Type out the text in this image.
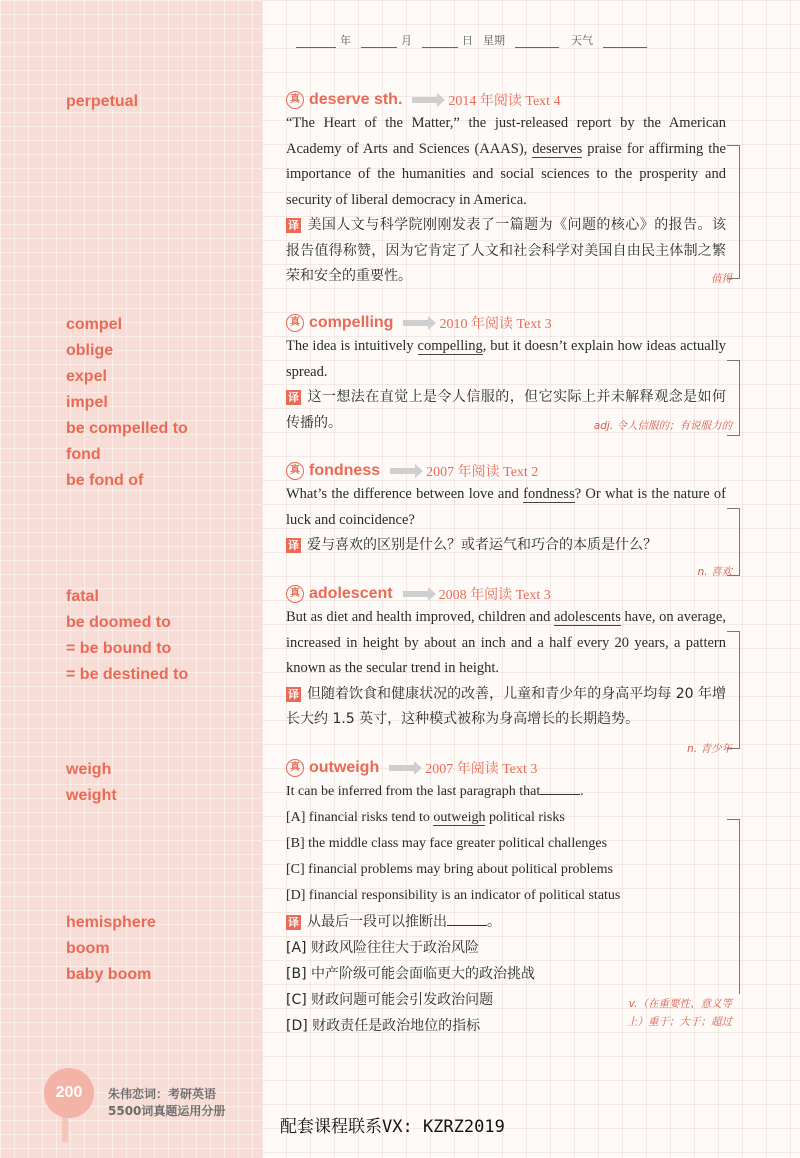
年	月	日 星期	天气
perpetual
compel
oblige
expel
impel
be compelled to
fond
be fond of
fatal
be doomed to
= be bound to
= be destined to
weigh
weight
hemisphere
boom
baby boom
真 deserve sth.	2014 年阅读 Text 4

“The Heart of the Matter,” the just-released report by the American Academy of Arts and Sciences (AAAS), deserves praise for affirming the importance of the humanities and social sciences to the prosperity and security of liberal democracy in America.

译 美国人文与科学院刚刚发表了一篇题为《问题的核心》的报告。该报告值得称赞，因为它肯定了人文和社会科学对美国自由民主体制之繁荣和安全的重要性。	值得
真 compelling	2010 年阅读 Text 3

The idea is intuitively compelling, but it doesn’t explain how ideas actually spread.

译 这一想法在直觉上是令人信服的，但它实际上并未解释观念是如何传播的。	adj. 令人信服的；有说服力的
真 fondness	2007 年阅读 Text 2

What’s the difference between love and fondness? Or what is the nature of luck and coincidence?

译 爱与喜欢的区别是什么？或者运气和巧合的本质是什么？

n. 喜欢
真 adolescent	2008 年阅读 Text 3

But as diet and health improved, children and adolescents have, on average, increased in height by about an inch and a half every 20 years, a pattern known as the secular trend in height.

译 但随着饮食和健康状况的改善，儿童和青少年的身高平均每 20 年增长大约 1.5 英寸，这种模式被称为身高增长的长期趋势。

n. 青少年
真 outweigh	2007 年阅读 Text 3

It can be inferred from the last paragraph that	.

[A] financial risks tend to outweigh political risks

[B] the middle class may face greater political challenges

[C] financial problems may bring about political problems

[D] financial responsibility is an indicator of political status

译 从最后一段可以推断出	。

[A] 财政风险往往大于政治风险

[B] 中产阶级可能会面临更大的政治挑战

[C] 财政问题可能会引发政治问题

[D] 财政责任是政治地位的指标

v.（在重要性、意义等
上）重于；大于；超过
200	朱伟恋词：考研英语
5500词真题运用分册
配套课程联系VX: KZRZ2019
